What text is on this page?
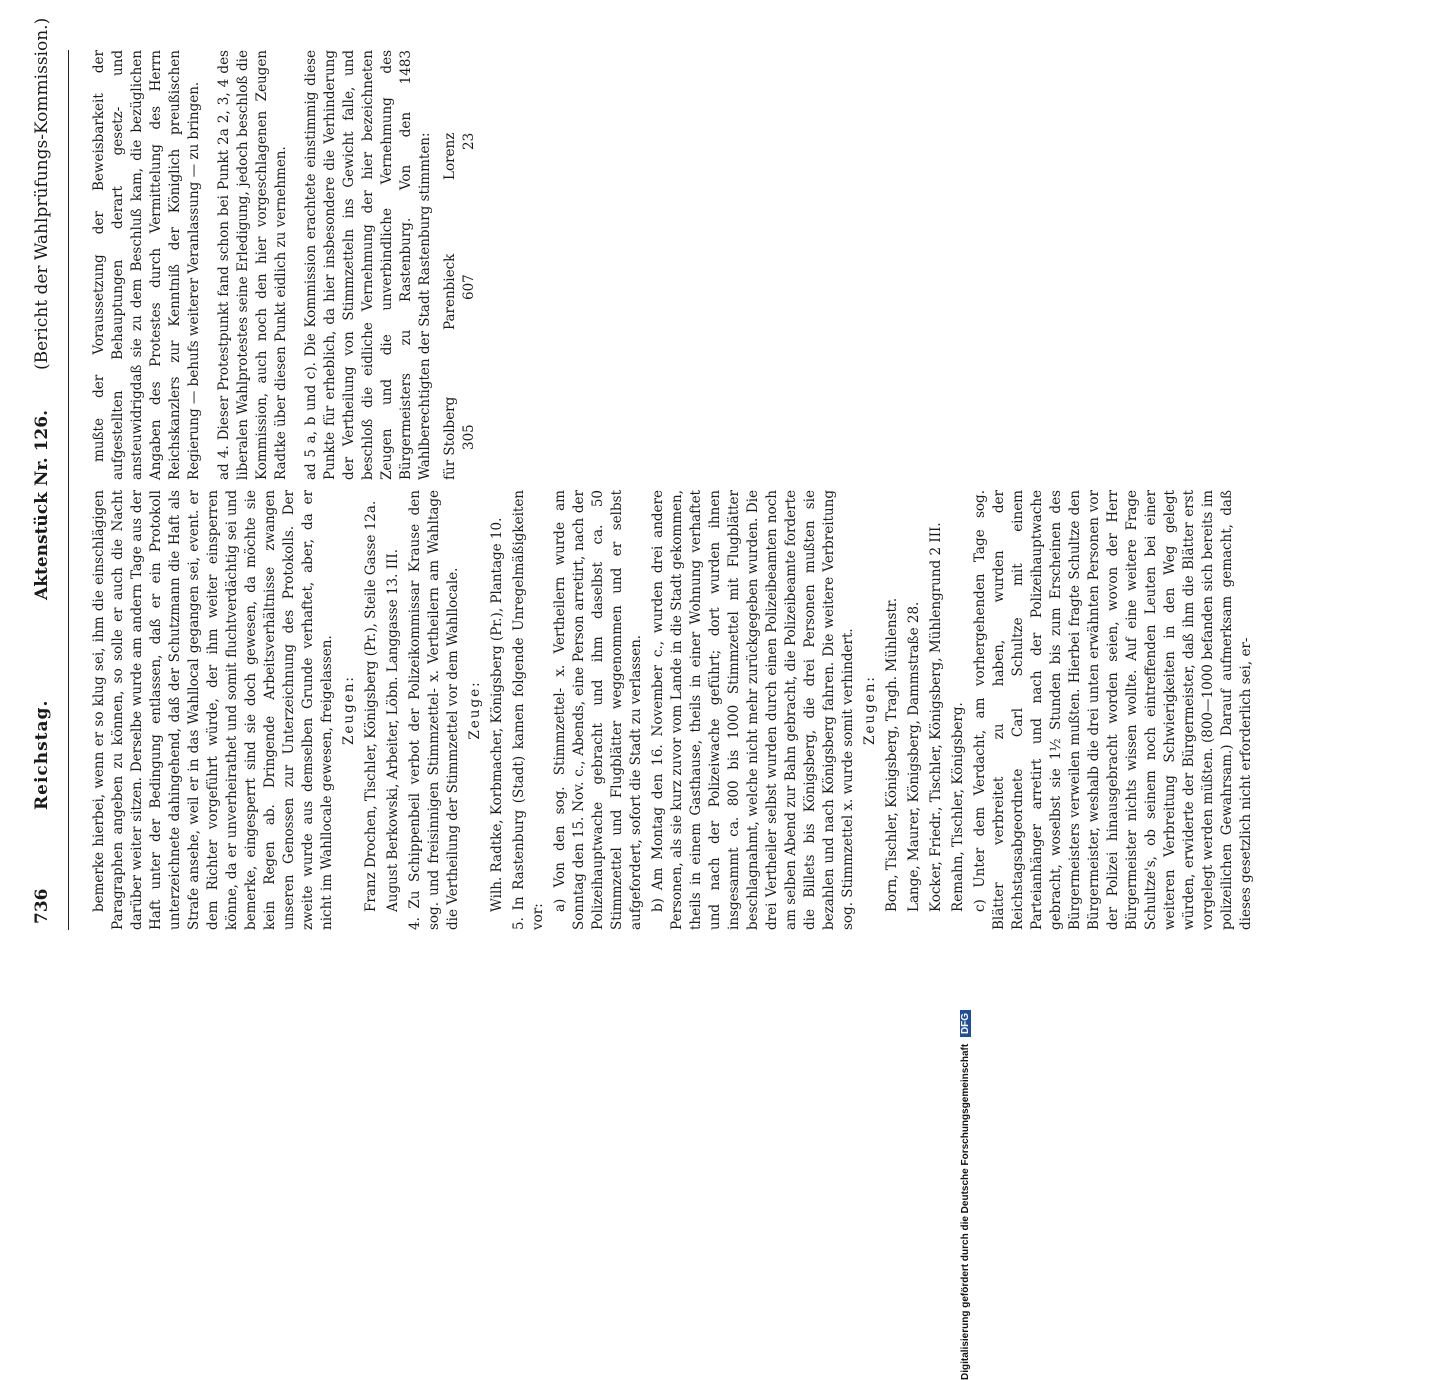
736
Reichstag.
Aktenstück Nr. 126.
(Bericht der Wahlprüfungs-Kommission.)

bemerke hierbei, wenn er so klug sei, ihm die einschlägigen Paragraphen angeben zu können, so solle er auch die Nacht darüber weiter sitzen. Derselbe wurde am andern Tage aus der Haft unter der Bedingung entlassen, daß er ein Protokoll unterzeichnete dahingehend, daß der Schutzmann die Haft als Strafe ansehe, weil er in das Wahllocal gegangen sei, event. er dem Richter vorgeführt würde, der ihm weiter einsperren könne, da er unverheirathet und somit fluchtverdächtig sei und bemerke, eingesperrt sind sie doch gewesen, da möchte sie kein Regen ab. Dringende Arbeitsverhältnisse zwangen unseren Genossen zur Unterzeichnung des Protokolls. Der zweite wurde aus demselben Grunde verhaftet, aber, da er nicht im Wahllocale gewesen, freigelassen. Zeugen: Franz Drochen, Tischler, Königsberg (Pr.), Steile Gasse 12a. August Berkowski, Arbeiter, Löbn. Langgasse 13. III. 4. Zu Schippenbeil verbot der Polizeikommissar Krause den sog. und freisinnigen Stimmzettel- x. Vertheilern am Wahltage die Vertheilung der Stimmzettel vor dem Wahllocale. Zeuge: Wilh. Radtke, Korbmacher, Königsberg (Pr.), Plantage 10. 5. In Rastenburg (Stadt) kamen folgende Unregelmäßigkeiten vor:

a) Von den sog. Stimmzettel- x. Vertheilern wurde am Sonntag den 15. Nov. c., Abends, eine Person arretirt, nach der Polizeihauptwache gebracht und ihm daselbst ca. 50 Stimmzettel und Flugblätter weggenommen und er selbst aufgefordert, sofort die Stadt zu verlassen. b) Am Montag den 16. November c., wurden drei andere Personen, als sie kurz zuvor vom Lande in die Stadt gekommen, theils in einem Gasthause, theils in einer Wohnung verhaftet und nach der Polizeiwache geführt; dort wurden ihnen insgesammt ca. 800 bis 1000 Stimmzettel mit Flugblätter beschlagnahmt, welche nicht mehr zurückgegeben wurden. Die drei Vertheiler selbst wurden durch einen Polizeibeamten noch am selben Abend zur Bahn gebracht, die Polizeibeamte forderte die Billets bis Königsberg, die drei Personen mußten sie bezahlen und nach Königsberg fahren. Die weitere Verbreitung sog. Stimmzettel x. wurde somit verhindert. Zeugen: Born, Tischler, Königsberg, Tragh. Mühlenstr. Lange, Maurer, Königsberg, Dammstraße 28. Kocker, Friedr., Tischler, Königsberg, Mühlengrund 2 III. Remahn, Tischler, Königsberg. c) Unter dem Verdacht, am vorhergehenden Tage sog. Blätter verbreitet zu haben, wurden der Reichstagsabgeordnete Carl Schultze mit einem Parteianhänger arretirt und nach der Polizeihauptwache gebracht, woselbst sie 1½ Stunden bis zum Erscheinen des Bürgermeisters verweilen mußten. Hierbei fragte Schultze den Bürgermeister, weshalb die drei unten erwähnten Personen vor der Polizei hinausgebracht worden seien, wovon der Herr Bürgermeister nichts wissen wollte. Auf eine weitere Frage Schultze's, ob seinem noch eintreffenden Leuten bei einer weiteren Verbreitung Schwierigkeiten in den Weg gelegt würden, erwiderte der Bürgermeister, daß ihm die Blätter erst vorgelegt werden müßten. (800—1000 befanden sich bereits im polizeilichen Gewahrsam.) Darauf aufmerksam gemacht, daß dieses gesetzlich nicht erforderlich sei, er-

mußte der Voraussetzung der Beweisbarkeit der aufgestellten Behauptungen derart gesetz- und ansteuwidrigdaß sie zu dem Beschluß kam, die bezüglichen Angaben des Protestes durch Vermittelung des Herrn Reichskanzlers zur Kenntniß der Königlich preußischen Regierung — behufs weiterer Veranlassung — zu bringen. ad 4. Dieser Protestpunkt fand schon bei Punkt 2a 2, 3, 4 des liberalen Wahlprotestes seine Erledigung, jedoch beschloß die Kommission, auch noch den hier vorgeschlagenen Zeugen Radtke über diesen Punkt eidlich zu vernehmen. ad 5 a, b und c). Die Kommission erachtete einstimmig diese Punkte für erheblich, da hier insbesondere die Verhinderung der Vertheilung von Stimmzetteln ins Gewicht falle, und beschloß die eidliche Vernehmung der hier bezeichneten Zeugen und die unverbindliche Vernehmung des Bürgermeisters zu Rastenburg. Von den 1483 Wahlberechtigten der Stadt Rastenburg stimmten: für Stolberg
Parenbieck
Lorenz
305
607
23
Digitalisierung gefördert durch die Deutsche Forschungsgemeinschaft DFG
